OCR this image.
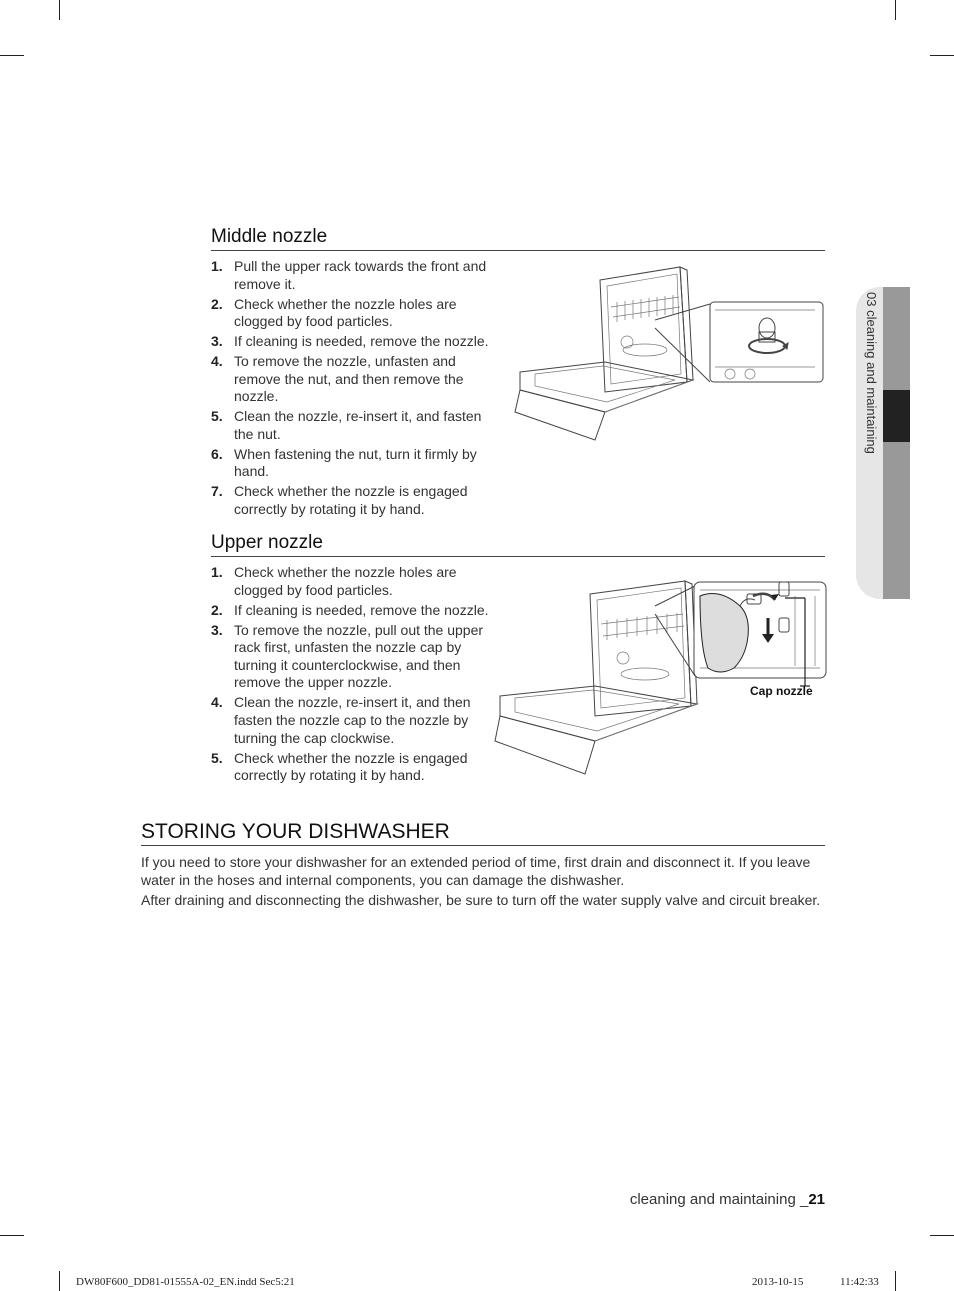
Middle nozzle
1. Pull the upper rack towards the front and remove it.
2. Check whether the nozzle holes are clogged by food particles.
3. If cleaning is needed, remove the nozzle.
4. To remove the nozzle, unfasten and remove the nut, and then remove the nozzle.
5. Clean the nozzle, re-insert it, and fasten the nut.
6. When fastening the nut, turn it firmly by hand.
7. Check whether the nozzle is engaged correctly by rotating it by hand.
Upper nozzle
1. Check whether the nozzle holes are clogged by food particles.
2. If cleaning is needed, remove the nozzle.
3. To remove the nozzle, pull out the upper rack first, unfasten the nozzle cap by turning it counterclockwise, and then remove the upper nozzle.
4. Clean the nozzle, re-insert it, and then fasten the nozzle cap to the nozzle by turning the cap clockwise.
5. Check whether the nozzle is engaged correctly by rotating it by hand.
Cap nozzle
STORING YOUR DISHWASHER

If you need to store your dishwasher for an extended period of time, first drain and disconnect it. If you leave water in the hoses and internal components, you can damage the dishwasher.

After draining and disconnecting the dishwasher, be sure to turn off the water supply valve and circuit breaker.

03 cleaning and maintaining
cleaning and maintaining _21
DW80F600_DD81-01555A-02_EN.indd Sec5:21	2013-10-15	11:42:33
